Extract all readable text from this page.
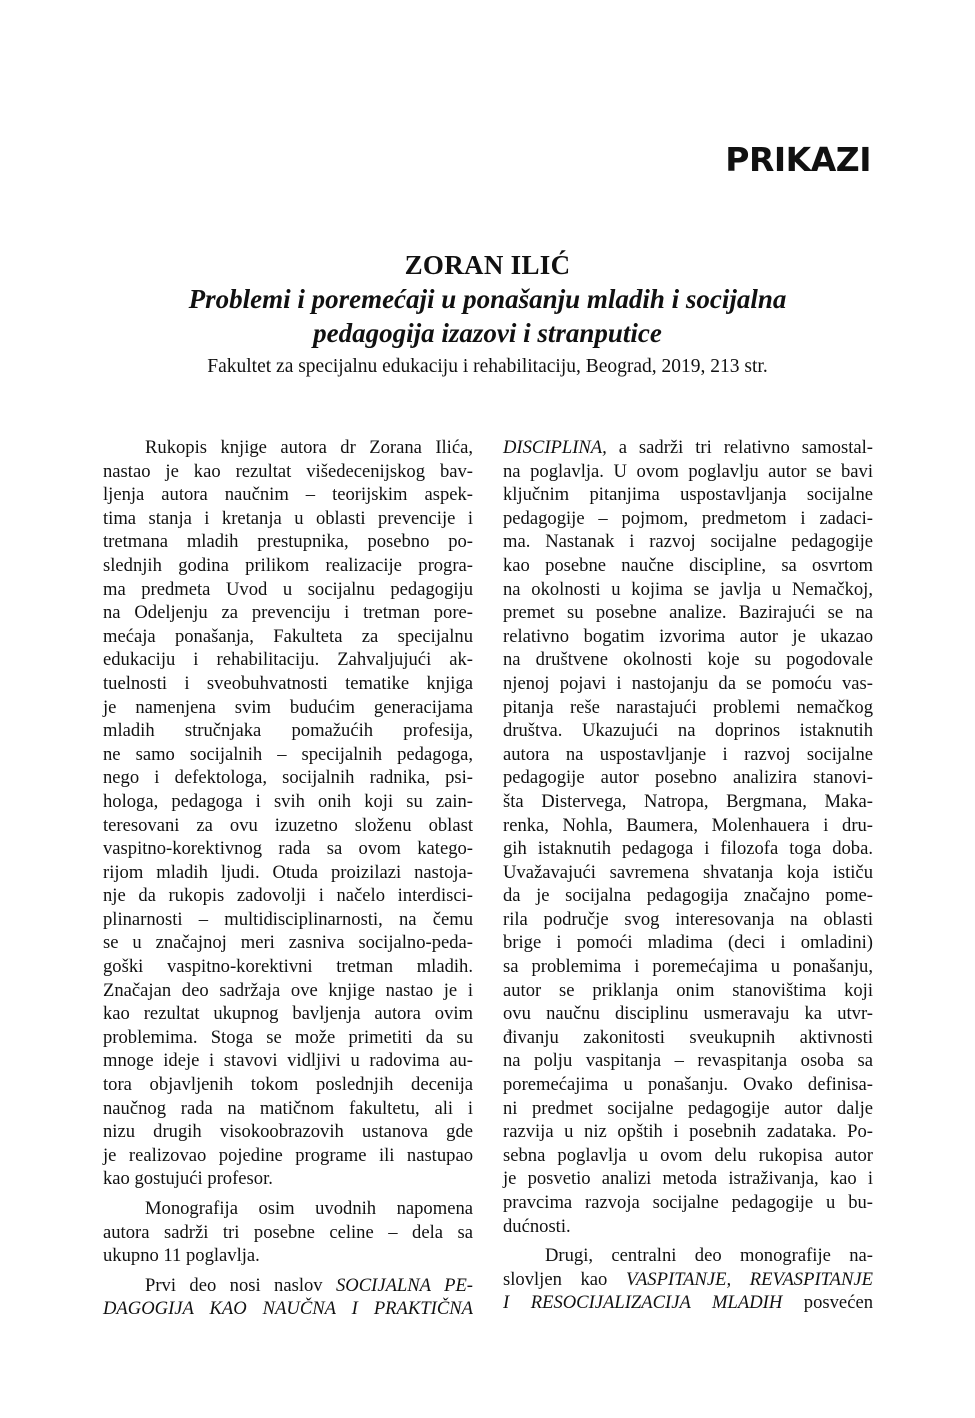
PRIKAZI
ZORAN ILIĆ
Problemi i poremećaji u ponašanju mladih i socijalna
pedagogija izazovi i stranputice
Fakultet za specijalnu edukaciju i rehabilitaciju, Beograd, 2019, 213 str.
Rukopis knjige autora dr Zorana Ilića,
nastao je kao rezultat višedecenijskog bav-
ljenja autora naučnim – teorijskim aspek-
tima stanja i kretanja u oblasti prevencije i
tretmana mladih prestupnika, posebno po-
slednjih godina prilikom realizacije progra-
ma predmeta Uvod u socijalnu pedagogiju
na Odeljenju za prevenciju i tretman pore-
mećaja ponašanja, Fakulteta za specijalnu
edukaciju i rehabilitaciju. Zahvaljujući ak-
tuelnosti i sveobuhvatnosti tematike knjiga
je namenjena svim budućim generacijama
mladih stručnjaka pomažućih profesija,
ne samo socijalnih – specijalnih pedagoga,
nego i defektologa, socijalnih radnika, psi-
hologa, pedagoga i svih onih koji su zain-
teresovani za ovu izuzetno složenu oblast
vaspitno-korektivnog rada sa ovom katego-
rijom mladih ljudi. Otuda proizilazi nastoja-
nje da rukopis zadovolji i načelo interdisci-
plinarnosti – multidisciplinarnosti, na čemu
se u značajnoj meri zasniva socijalno-peda-
goški vaspitno-korektivni tretman mladih.
Značajan deo sadržaja ove knjige nastao je i
kao rezultat ukupnog bavljenja autora ovim
problemima. Stoga se može primetiti da su
mnoge ideje i stavovi vidljivi u radovima au-
tora objavljenih tokom poslednjih decenija
naučnog rada na matičnom fakultetu, ali i
nizu drugih visokoobrazovih ustanova gde
je realizovao pojedine programe ili nastupao
kao gostujući profesor.
Monografija osim uvodnih napomena
autora sadrži tri posebne celine – dela sa
ukupno 11 poglavlja.
Prvi deo nosi naslov SOCIJALNA PE-
DAGOGIJA KAO NAUČNA I PRAKTIČNA
DISCIPLINA, a sadrži tri relativno samostal-
na poglavlja. U ovom poglavlju autor se bavi
ključnim pitanjima uspostavljanja socijalne
pedagogije – pojmom, predmetom i zadaci-
ma. Nastanak i razvoj socijalne pedagogije
kao posebne naučne discipline, sa osvrtom
na okolnosti u kojima se javlja u Nemačkoj,
premet su posebne analize. Bazirajući se na
relativno bogatim izvorima autor je ukazao
na društvene okolnosti koje su pogodovale
njenoj pojavi i nastojanju da se pomoću vas-
pitanja reše narastajući problemi nemačkog
društva. Ukazujući na doprinos istaknutih
autora na uspostavljanje i razvoj socijalne
pedagogije autor posebno analizira stanovi-
šta Distervega, Natropa, Bergmana, Maka-
renka, Nohla, Baumera, Molenhauera i dru-
gih istaknutih pedagoga i filozofa toga doba.
Uvažavajući savremena shvatanja koja ističu
da je socijalna pedagogija značajno pome-
rila područje svog interesovanja na oblasti
brige i pomoći mladima (deci i omladini)
sa problemima i poremećajima u ponašanju,
autor se priklanja onim stanovištima koji
ovu naučnu disciplinu usmeravaju ka utvr-
đivanju zakonitosti sveukupnih aktivnosti
na polju vaspitanja – revaspitanja osoba sa
poremećajima u ponašanju. Ovako definisa-
ni predmet socijalne pedagogije autor dalje
razvija u niz opštih i posebnih zadataka. Po-
sebna poglavlja u ovom delu rukopisa autor
je posvetio analizi metoda istraživanja, kao i
pravcima razvoja socijalne pedagogije u bu-
dućnosti.
Drugi, centralni deo monografije na-
slovljen kao VASPITANJE, REVASPITANJE
I RESOCIJALIZACIJA MLADIH posvećen
